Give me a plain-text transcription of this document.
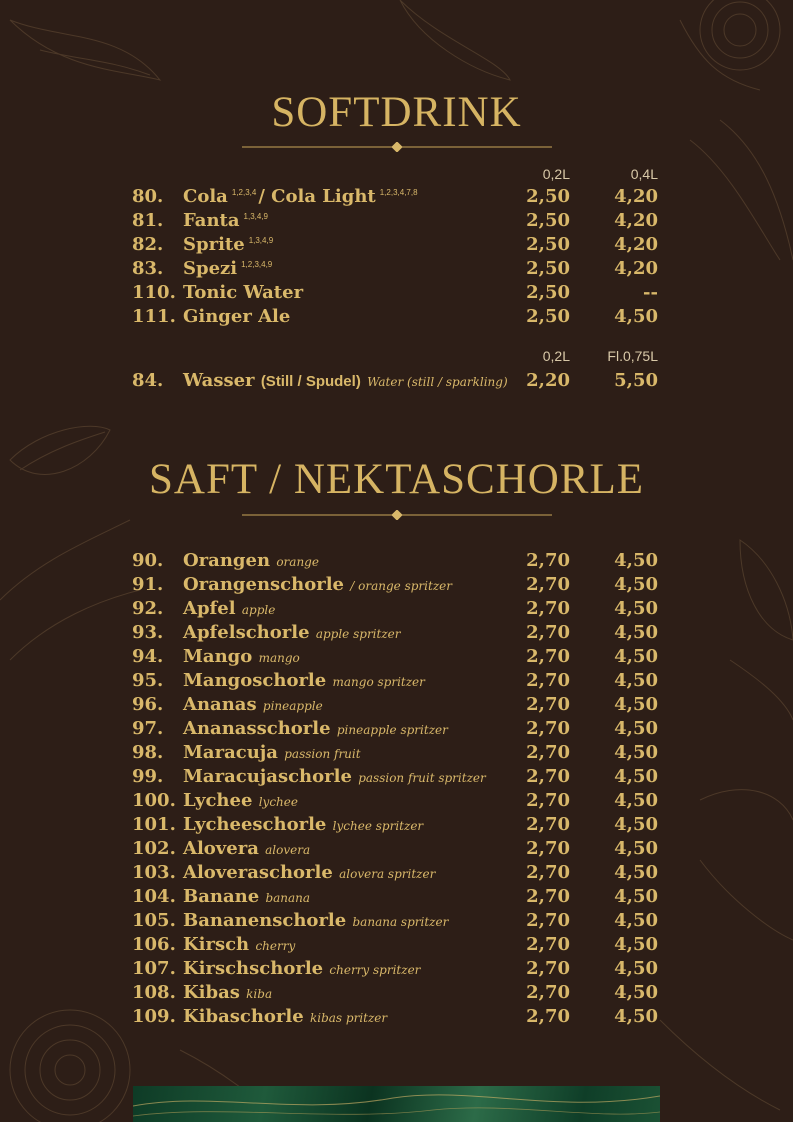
SOFTDRINK
0,2L	0,4L
80. Cola $^{1,2,3,4}$ / Cola Light $^{1,2,3,4,7,8}$	2,50 4,20
81. Fanta $^{1,3,4,9}$	2,50 4,20
82. Sprite $^{1,3,4,9}$	2,50 4,20
83. Spezi $^{1,2,3,4,9}$	2,50 4,20
110. Tonic Water	2,50	--
111. Ginger Ale	2,50 4,50
0,2L	Fl.0,75L
84. Wasser (Still / Spudel) Water (still / sparkling) 2,20 5,50
SAFT / NEKTASCHORLE
90. Orangen orange	2,70 4,50
91. Orangenschorle / orange spritzer	2,70 4,50
92. Apfel apple	2,70 4,50
93. Apfelschorle apple spritzer	2,70 4,50
94. Mango mango	2,70 4,50
95. Mangoschorle mango spritzer	2,70 4,50
96. Ananas pineapple	2,70 4,50
97. Ananasschorle pineapple spritzer	2,70 4,50
98. Maracuja passion fruit	2,70 4,50
99. Maracujaschorle passion fruit spritzer 2,70 4,50
100. Lychee lychee	2,70 4,50
101. Lycheeschorle lychee spritzer	2,70 4,50
102. Alovera alovera	2,70 4,50
103. Aloveraschorle alovera spritzer	2,70 4,50
104. Banane banana	2,70 4,50
105. Bananenschorle banana spritzer	2,70 4,50
106. Kirsch cherry	2,70 4,50
107. Kirschschorle cherry spritzer	2,70 4,50
108. Kibas kiba	2,70 4,50
109. Kibaschorle kibas pritzer	2,70 4,50
